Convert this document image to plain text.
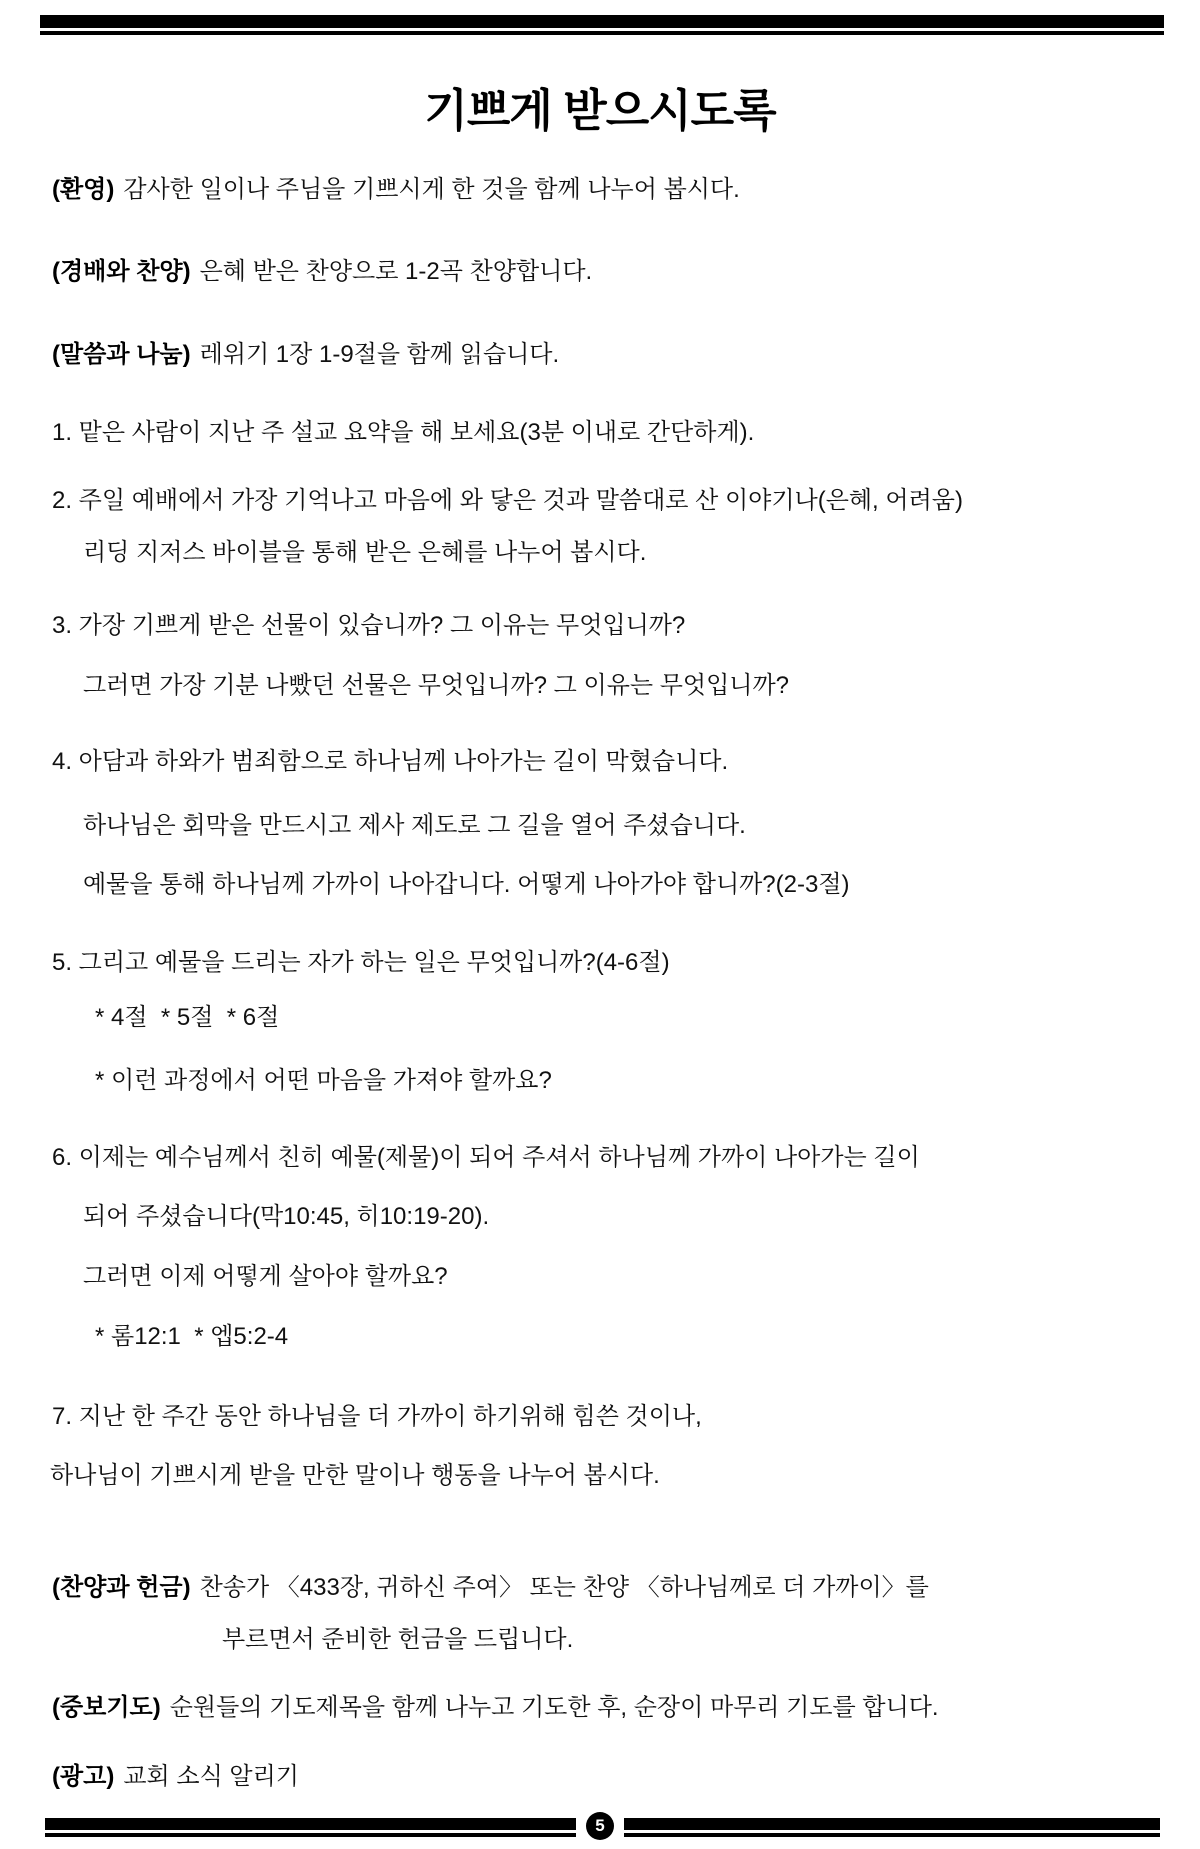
기쁘게 받으시도록
(환영) 감사한 일이나 주님을 기쁘시게 한 것을 함께 나누어 봅시다.
(경배와 찬양) 은혜 받은 찬양으로 1-2곡 찬양합니다.
(말씀과 나눔) 레위기 1장 1-9절을 함께 읽습니다.
1. 맡은 사람이 지난 주 설교 요약을 해 보세요(3분 이내로 간단하게).
2. 주일 예배에서 가장 기억나고 마음에 와 닿은 것과 말씀대로 산 이야기나(은혜, 어려움)
리딩 지저스 바이블을 통해 받은 은혜를 나누어 봅시다.
3. 가장 기쁘게 받은 선물이 있습니까? 그 이유는 무엇입니까?
그러면 가장 기분 나빴던 선물은 무엇입니까? 그 이유는 무엇입니까?
4. 아담과 하와가 범죄함으로 하나님께 나아가는 길이 막혔습니다.
하나님은 회막을 만드시고 제사 제도로 그 길을 열어 주셨습니다.
예물을 통해 하나님께 가까이 나아갑니다. 어떻게 나아가야 합니까?(2-3절)
5. 그리고 예물을 드리는 자가 하는 일은 무엇입니까?(4-6절)
* 4절  * 5절  * 6절
* 이런 과정에서 어떤 마음을 가져야 할까요?
6. 이제는 예수님께서 친히 예물(제물)이 되어 주셔서 하나님께 가까이 나아가는 길이
되어 주셨습니다(막10:45, 히10:19-20).
그러면 이제 어떻게 살아야 할까요?
* 롬12:1  * 엡5:2-4
7. 지난 한 주간 동안 하나님을 더 가까이 하기위해 힘쓴 것이나,
하나님이 기쁘시게 받을 만한 말이나 행동을 나누어 봅시다.
(찬양과 헌금) 찬송가 〈433장, 귀하신 주여〉 또는 찬양 〈하나님께로 더 가까이〉를
부르면서 준비한 헌금을 드립니다.
(중보기도) 순원들의 기도제목을 함께 나누고 기도한 후, 순장이 마무리 기도를 합니다.
(광고) 교회 소식 알리기
5
